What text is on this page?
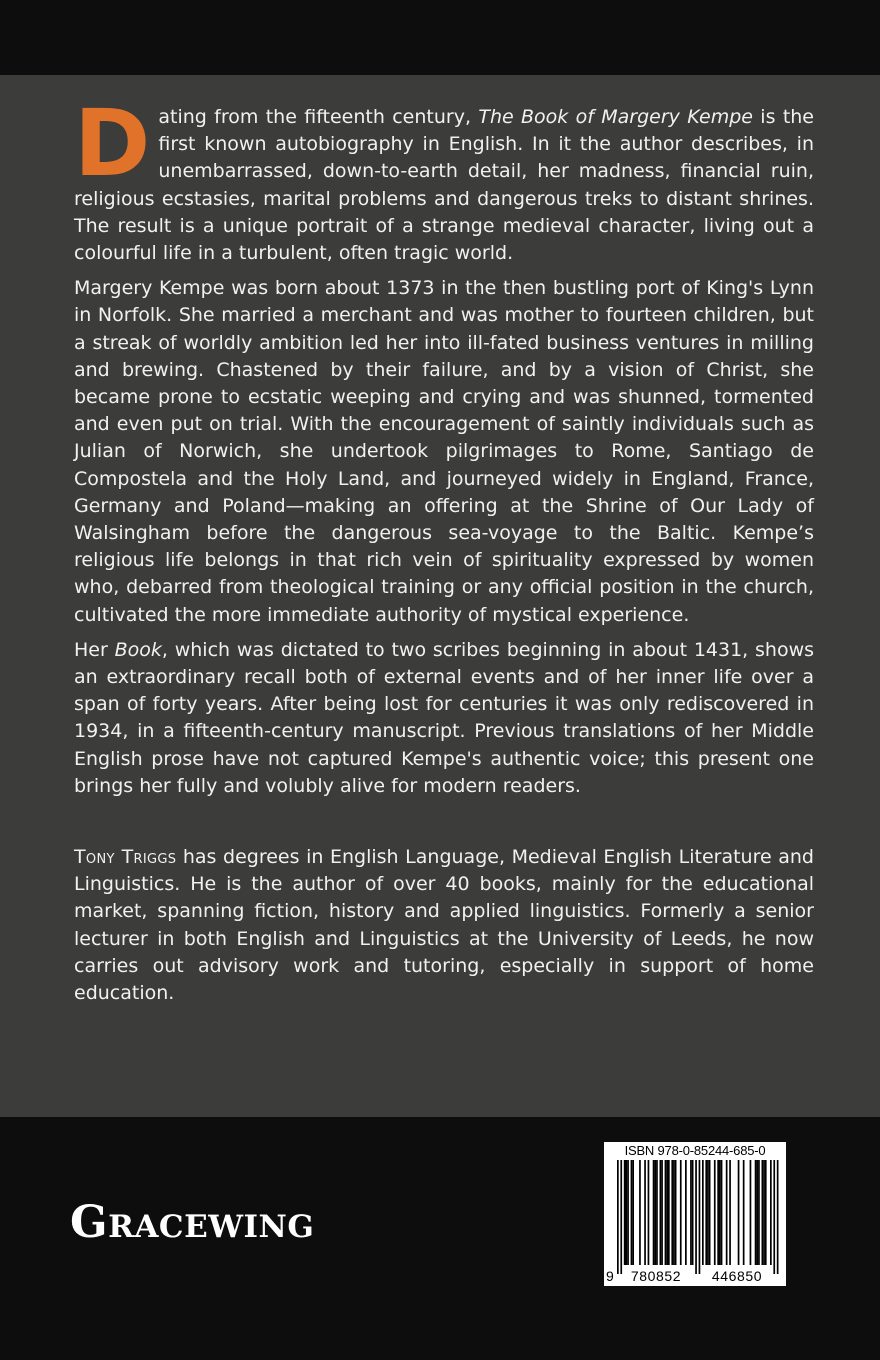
Dating from the fifteenth century, The Book of Margery Kempe is the first known autobiography in English. In it the author describes, in unembarrassed, down-to-earth detail, her madness, financial ruin, religious ecstasies, marital problems and dangerous treks to distant shrines. The result is a unique portrait of a strange medieval character, living out a colourful life in a turbulent, often tragic world.

Margery Kempe was born about 1373 in the then bustling port of King's Lynn in Norfolk. She married a merchant and was mother to fourteen children, but a streak of worldly ambition led her into ill-fated business ventures in milling and brewing. Chastened by their failure, and by a vision of Christ, she became prone to ecstatic weeping and crying and was shunned, tormented and even put on trial. With the encouragement of saintly individuals such as Julian of Norwich, she undertook pilgrimages to Rome, Santiago de Compostela and the Holy Land, and journeyed widely in England, France, Germany and Poland—making an offering at the Shrine of Our Lady of Walsingham before the dangerous sea-voyage to the Baltic. Kempe’s religious life belongs in that rich vein of spirituality expressed by women who, debarred from theological training or any official position in the church, cultivated the more immediate authority of mystical experience.

Her Book, which was dictated to two scribes beginning in about 1431, shows an extraordinary recall both of external events and of her inner life over a span of forty years. After being lost for centuries it was only rediscovered in 1934, in a fifteenth-century manuscript. Previous translations of her Middle English prose have not captured Kempe's authentic voice; this present one brings her fully and volubly alive for modern readers.

Tony Triggs has degrees in English Language, Medieval English Literature and Linguistics. He is the author of over 40 books, mainly for the educational market, spanning fiction, history and applied linguistics. Formerly a senior lecturer in both English and Linguistics at the University of Leeds, he now carries out advisory work and tutoring, especially in support of home education.

Gracewing
ISBN 978-0-85244-685-0
9	780852	446850
